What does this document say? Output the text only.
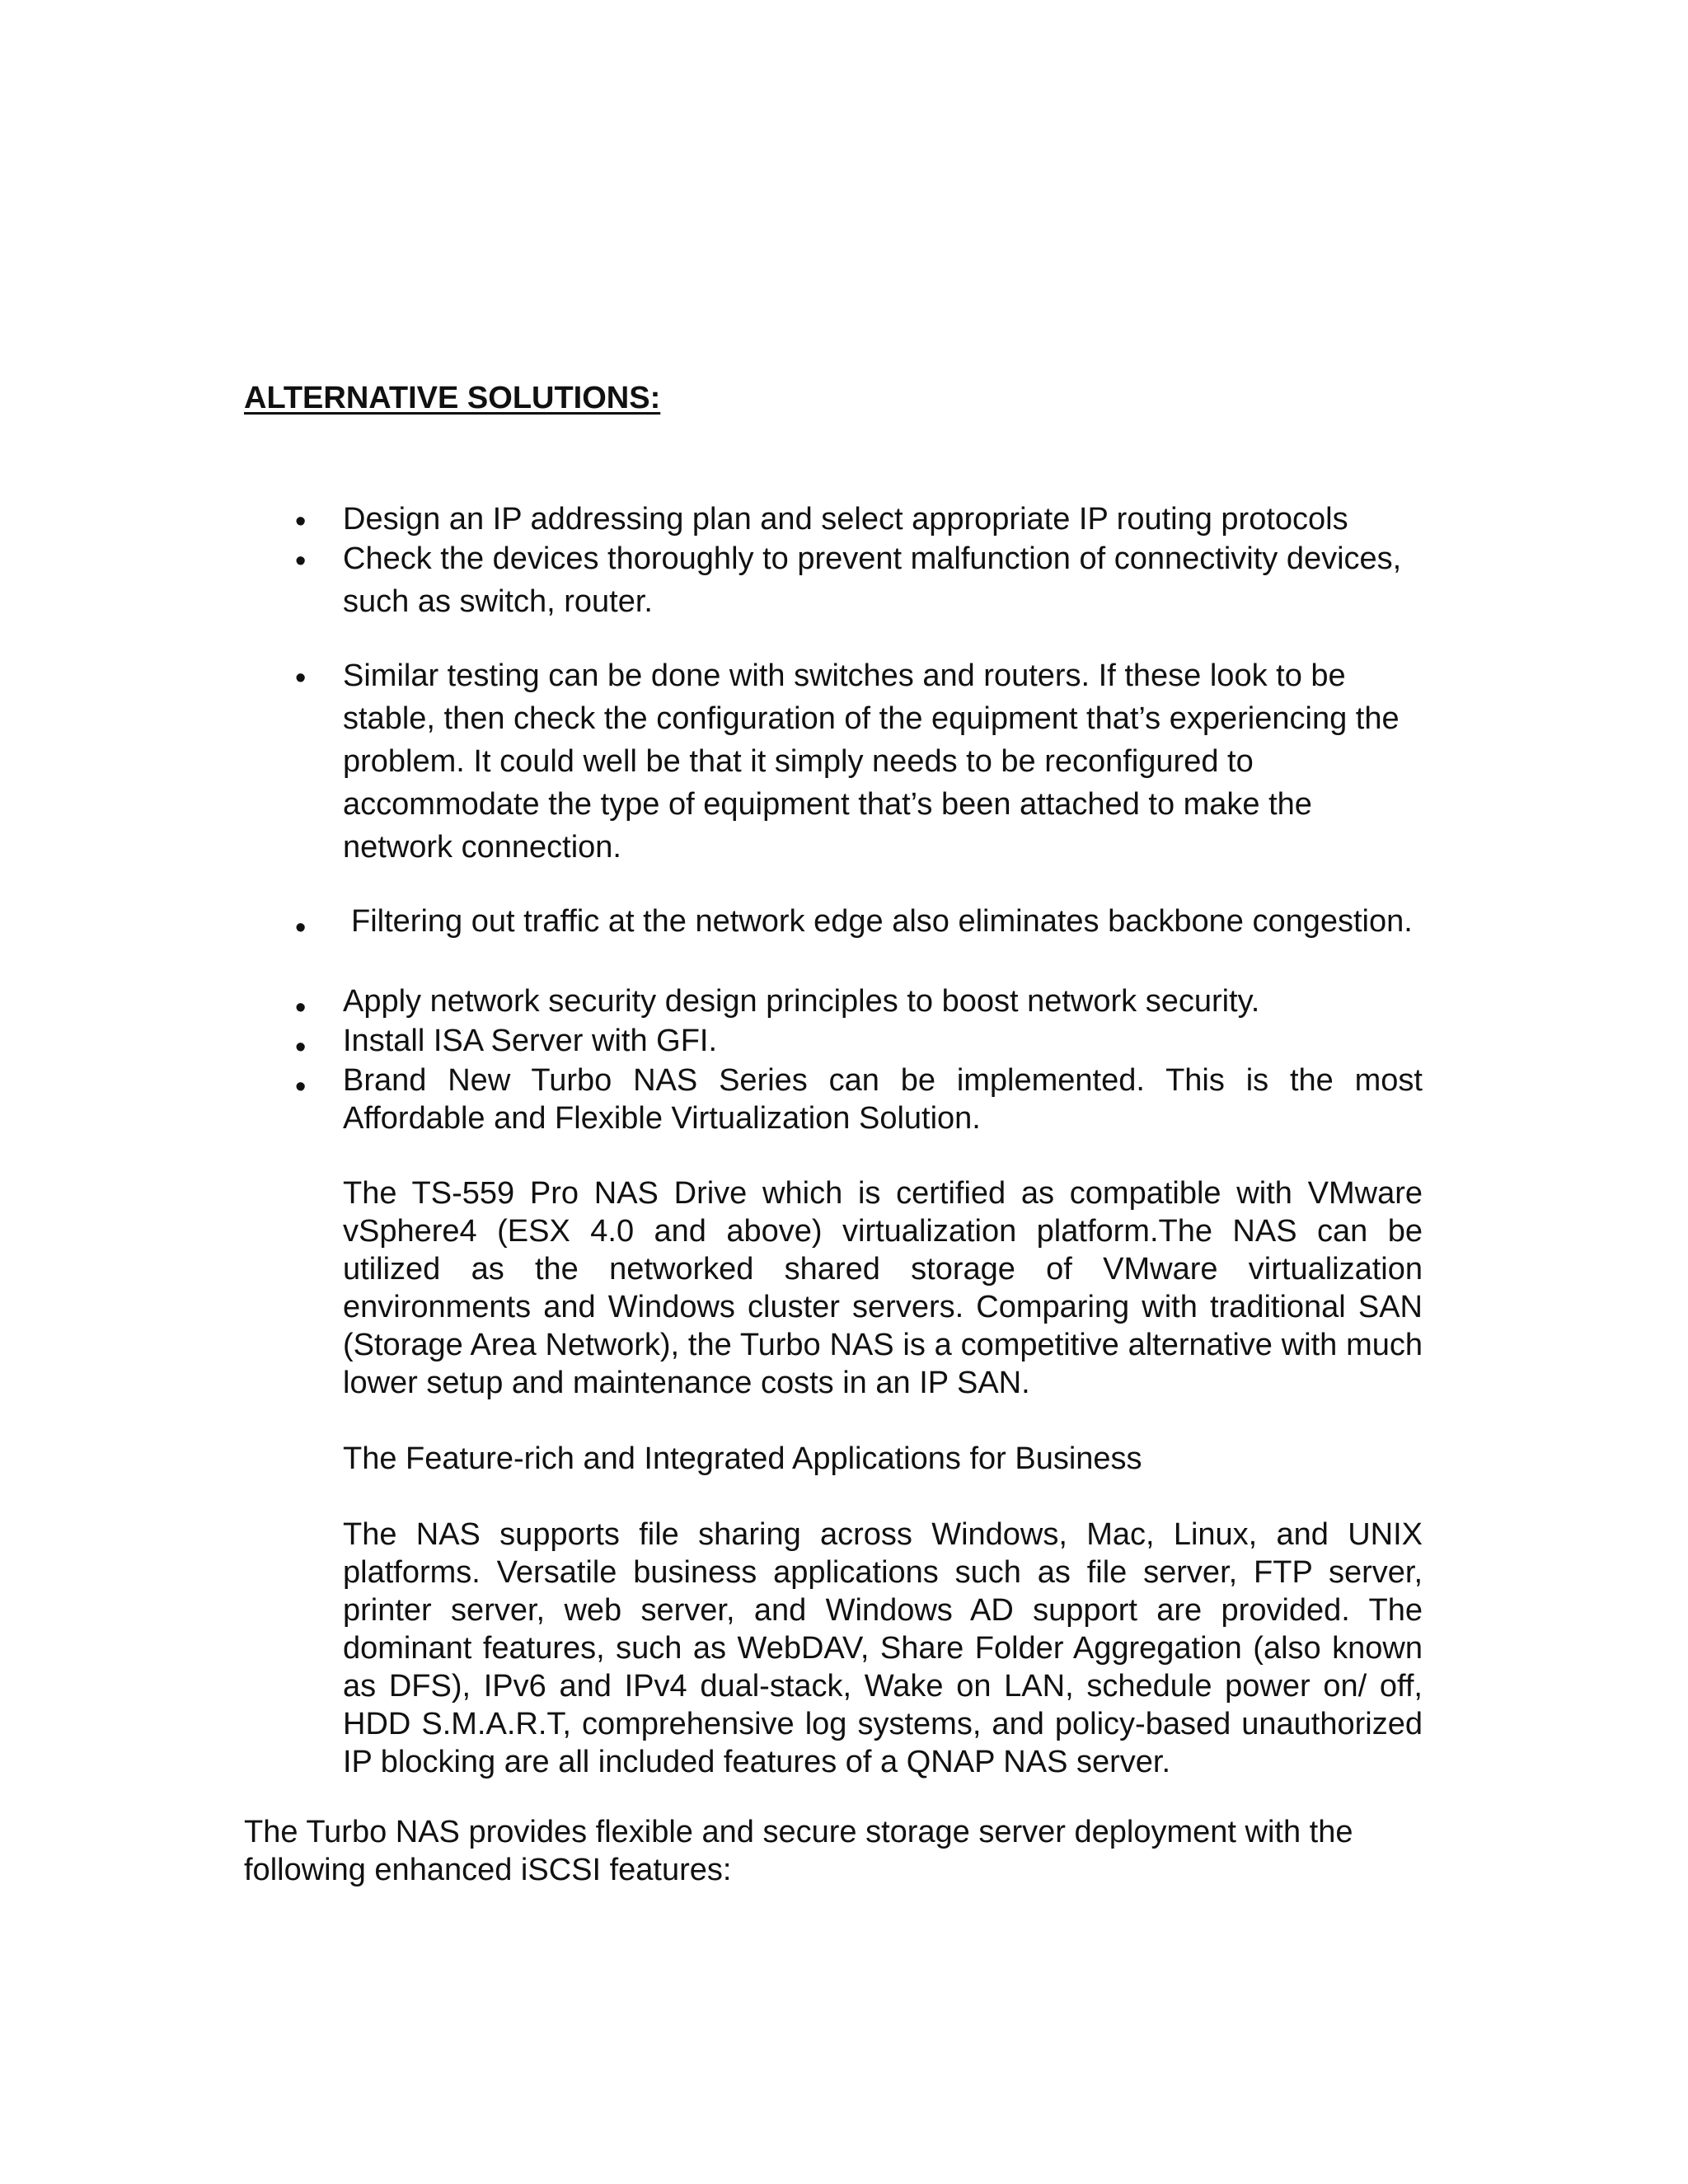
ALTERNATIVE SOLUTIONS:
• Design an IP addressing plan and select appropriate IP routing protocols

• Check the devices thoroughly to prevent malfunction of connectivity devices, such as switch, router.

• Similar testing can be done with switches and routers. If these look to be stable, then check the configuration of the equipment that’s experiencing the problem. It could well be that it simply needs to be reconfigured to accommodate the type of equipment that’s been attached to make the network connection.

• Filtering out traffic at the network edge also eliminates backbone congestion.

• Apply network security design principles to boost network security.

• Install ISA Server with GFI.

• Brand New Turbo NAS Series can be implemented. This is the most Affordable and Flexible Virtualization Solution.

The TS-559 Pro NAS Drive which is certified as compatible with VMware vSphere4 (ESX 4.0 and above) virtualization platform.The NAS can be utilized as the networked shared storage of VMware virtualization environments and Windows cluster servers. Comparing with traditional SAN (Storage Area Network), the Turbo NAS is a competitive alternative with much lower setup and maintenance costs in an IP SAN.

The Feature-rich and Integrated Applications for Business

The NAS supports file sharing across Windows, Mac, Linux, and UNIX platforms. Versatile business applications such as file server, FTP server, printer server, web server, and Windows AD support are provided. The dominant features, such as WebDAV, Share Folder Aggregation (also known as DFS), IPv6 and IPv4 dual-stack, Wake on LAN, schedule power on/ off, HDD S.M.A.R.T, comprehensive log systems, and policy-based unauthorized IP blocking are all included features of a QNAP NAS server.

The Turbo NAS provides flexible and secure storage server deployment with the following enhanced iSCSI features:
